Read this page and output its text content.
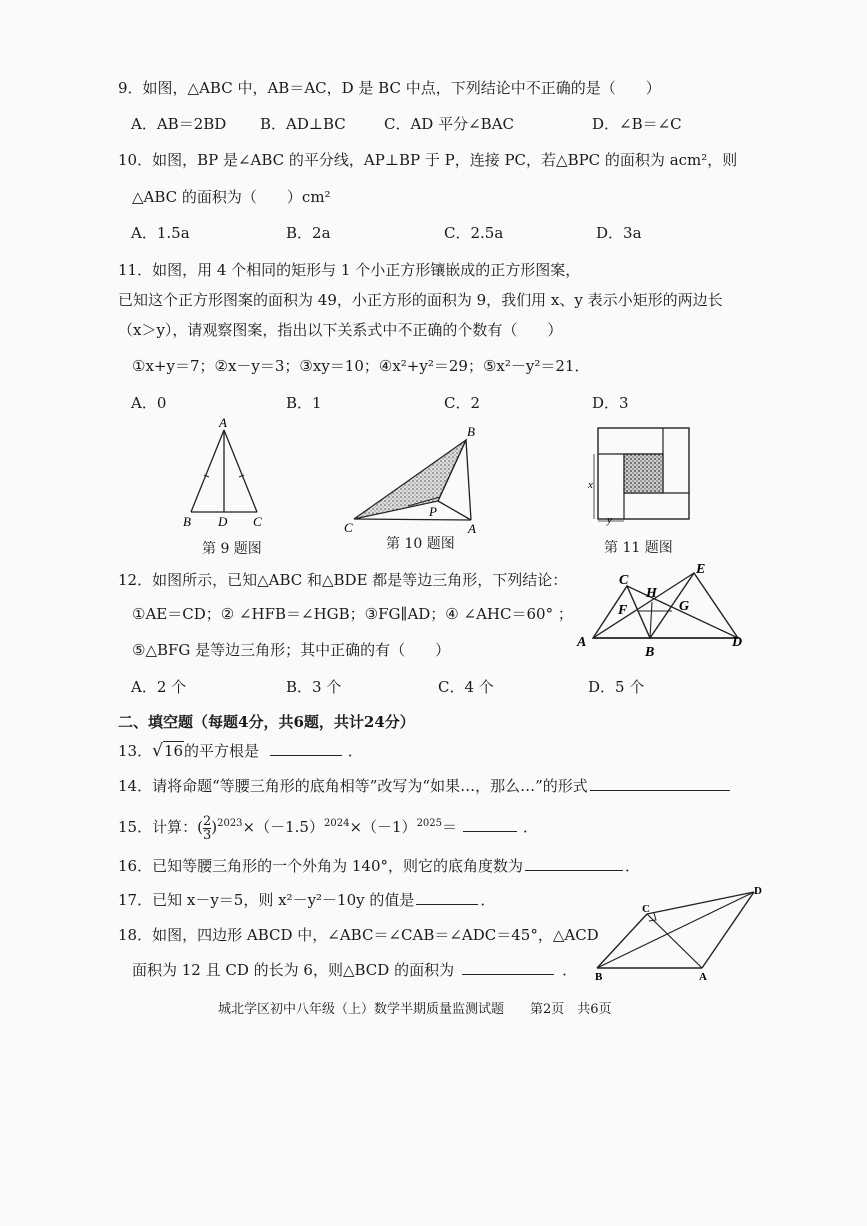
9．如图，△ABC 中，AB＝AC，D 是 BC 中点，下列结论中不正确的是（　　）
A．AB＝2BD B．AD⊥BC	C．AD 平分∠BAC	D．∠B＝∠C
10．如图，BP 是∠ABC 的平分线，AP⊥BP 于 P，连接 PC，若△BPC 的面积为 acm²，则
△ABC 的面积为（　　）cm²
A．1.5a	B．2a	C．2.5a	D．3a
11．如图，用 4 个相同的矩形与 1 个小正方形镶嵌成的正方形图案，
已知这个正方形图案的面积为 49，小正方形的面积为 9，我们用 x、y 表示小矩形的两边长
（x＞y），请观察图案，指出以下关系式中不正确的个数有（　　）
①x+y＝7；②x－y＝3；③xy＝10；④x²+y²＝29；⑤x²－y²＝21．
A．0	B．1	C．2	D．3
A
B D C
第 9 题图
B
C
P
A
第 10 题图
x
y
第 11 题图
12．如图所示，已知△ABC 和△BDE 都是等边三角形，下列结论：
①AE＝CD；② ∠HFB＝∠HGB；③FG∥AD；④ ∠AHC＝60° ；
⑤△BFG 是等边三角形；其中正确的有（　　）
A．2 个	B．3 个	C．4 个	D．5 个
C
E
H
F	G
A
B
D
二、填空题（每题4分，共6题，共计24分）
13．√16的平方根是	．
14．请将命题“等腰三角形的底角相等”改写为“如果…，那么…”的形式
15．计算：( $\frac{2}{3} )^{2023}\times(-1.5)^{2024}\times(-1)^{2025}=$	．
16．已知等腰三角形的一个外角为 140°，则它的底角度数为	．
17．已知 x－y＝5，则 x²－y²－10y 的值是	．
18．如图，四边形 ABCD 中，∠ABC＝∠CAB＝∠ADC＝45°，△ACD
面积为 12 且 CD 的长为 6，则△BCD 的面积为	．
C
D
B	A
城北学区初中八年级（上）数学半期质量监测试题　　第2页　共6页
